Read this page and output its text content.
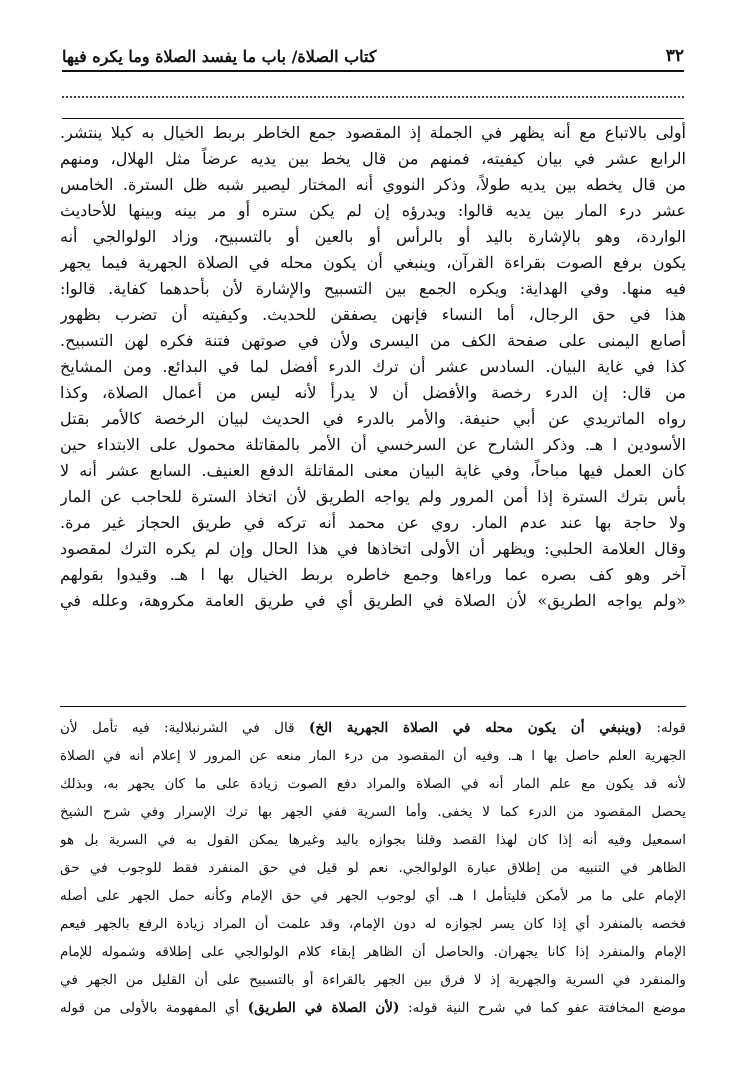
٣٢
كتاب الصلاة/ باب ما يفسد الصلاة وما يكره فيها
أولى بالاتباع مع أنه يظهر في الجملة إذ المقصود جمع الخاطر بربط الخيال به كيلا ينتشر.
الرابع عشر في بيان كيفيته، فمنهم من قال يخط بين يديه عرضاً مثل الهلال، ومنهم
من قال يخطه بين يديه طولاً، وذكر النووي أنه المختار ليصير شبه ظل السترة. الخامس
عشر درء المار بين يديه قالوا: ويدرؤه إن لم يكن ستره أو مر بينه وبينها للأحاديث
الواردة، وهو بالإشارة باليد أو بالرأس أو بالعين أو بالتسبيح، وزاد الولوالجي أنه
يكون برفع الصوت بقراءة القرآن، وينبغي أن يكون محله في الصلاة الجهرية فيما يجهر
فيه منها. وفي الهداية: ويكره الجمع بين التسبيح والإشارة لأن بأحدهما كفاية. قالوا:
هذا في حق الرجال، أما النساء فإنهن يصفقن للحديث. وكيفيته أن تضرب بظهور
أصابع اليمنى على صفحة الكف من اليسرى ولأن في صوتهن فتنة فكره لهن التسبيح.
كذا في غاية البيان. السادس عشر أن ترك الدرء أفضل لما في البدائع. ومن المشايخ
من قال: إن الدرء رخصة والأفضل أن لا يدرأ لأنه ليس من أعمال الصلاة، وكذا
رواه الماتريدي عن أبي حنيفة. والأمر بالدرء في الحديث لبيان الرخصة كالأمر بقتل
الأسودين ا هـ. وذكر الشارح عن السرخسي أن الأمر بالمقاتلة محمول على الابتداء حين
كان العمل فيها مباحاً، وفي غاية البيان معنى المقاتلة الدفع العنيف. السابع عشر أنه لا
بأس بترك السترة إذا أمن المرور ولم يواجه الطريق لأن اتخاذ السترة للحاجب عن المار
ولا حاجة بها عند عدم المار. روي عن محمد أنه تركه في طريق الحجاز غير مرة.
وقال العلامة الحلبي: ويظهر أن الأولى اتخاذها في هذا الحال وإن لم يكره الترك لمقصود
آخر وهو كف بصره عما وراءها وجمع خاطره بربط الخيال بها ا هـ. وقيدوا بقولهم
«ولم يواجه الطريق» لأن الصلاة في الطريق أي في طريق العامة مكروهة، وعلله في
قوله: (وينبغي أن يكون محله في الصلاة الجهرية الخ) قال في الشرنبلالية: فيه تأمل لأن
الجهرية العلم حاصل بها ا هـ. وفيه أن المقصود من درء المار منعه عن المرور لا إعلام أنه في الصلاة
لأنه قد يكون مع علم المار أنه في الصلاة والمراد دفع الصوت زيادة على ما كان يجهر به، وبذلك
يحصل المقصود من الدرء كما لا يخفى. وأما السرية ففي الجهر بها ترك الإسرار وفي شرح الشيخ
اسمعيل وفيه أنه إذا كان لهذا القصد وقلنا بجوازه باليد وغيرها يمكن القول به في السرية بل هو
الظاهر في التنبيه من إطلاق عبارة الولوالجي. نعم لو قيل في حق المنفرد فقط للوجوب في حق
الإمام على ما مر لأمكن فليتأمل ا هـ. أي لوجوب الجهر في حق الإمام وكأنه حمل الجهر على أصله
فخصه بالمنفرد أي إذا كان يسر لجوازه له دون الإمام، وقد علمت أن المراد زيادة الرفع بالجهر فيعم
الإمام والمنفرد إذا كانا يجهران. والحاصل أن الظاهر إبقاء كلام الولوالجي على إطلاقه وشموله للإمام
والمنفرد في السرية والجهرية إذ لا فرق بين الجهر بالقراءة أو بالتسبيح على أن القليل من الجهر في
موضع المخافتة عفو كما في شرح النية قوله: (لأن الصلاة في الطريق) أي المفهومة بالأولى من قوله
